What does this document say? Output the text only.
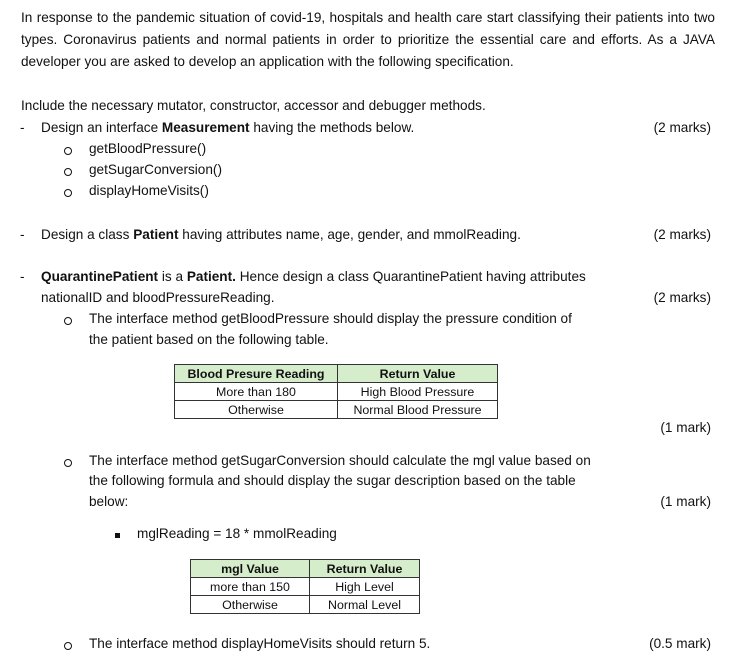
In response to the pandemic situation of covid-19, hospitals and health care start classifying their patients into two types. Coronavirus patients and normal patients in order to prioritize the essential care and efforts. As a JAVA developer you are asked to develop an application with the following specification.
Include the necessary mutator, constructor, accessor and debugger methods.
- Design an interface Measurement having the methods below.	(2 marks)
getBloodPressure()
getSugarConversion()
displayHomeVisits()
- Design a class Patient having attributes name, age, gender, and mmolReading.	(2 marks)
- QuarantinePatient is a Patient. Hence design a class QuarantinePatient having attributes
nationalID and bloodPressureReading.	(2 marks)
The interface method getBloodPressure should display the pressure condition of
the patient based on the following table.
Blood Presure Reading	Return Value
More than 180	High Blood Pressure
Otherwise	Normal Blood Pressure
(1 mark)
The interface method getSugarConversion should calculate the mgl value based on
the following formula and should display the sugar description based on the table
below:	(1 mark)
mglReading = 18 * mmolReading
mgl Value	Return Value
more than 150	High Level
Otherwise	Normal Level
The interface method displayHomeVisits should return 5.	(0.5 mark)
